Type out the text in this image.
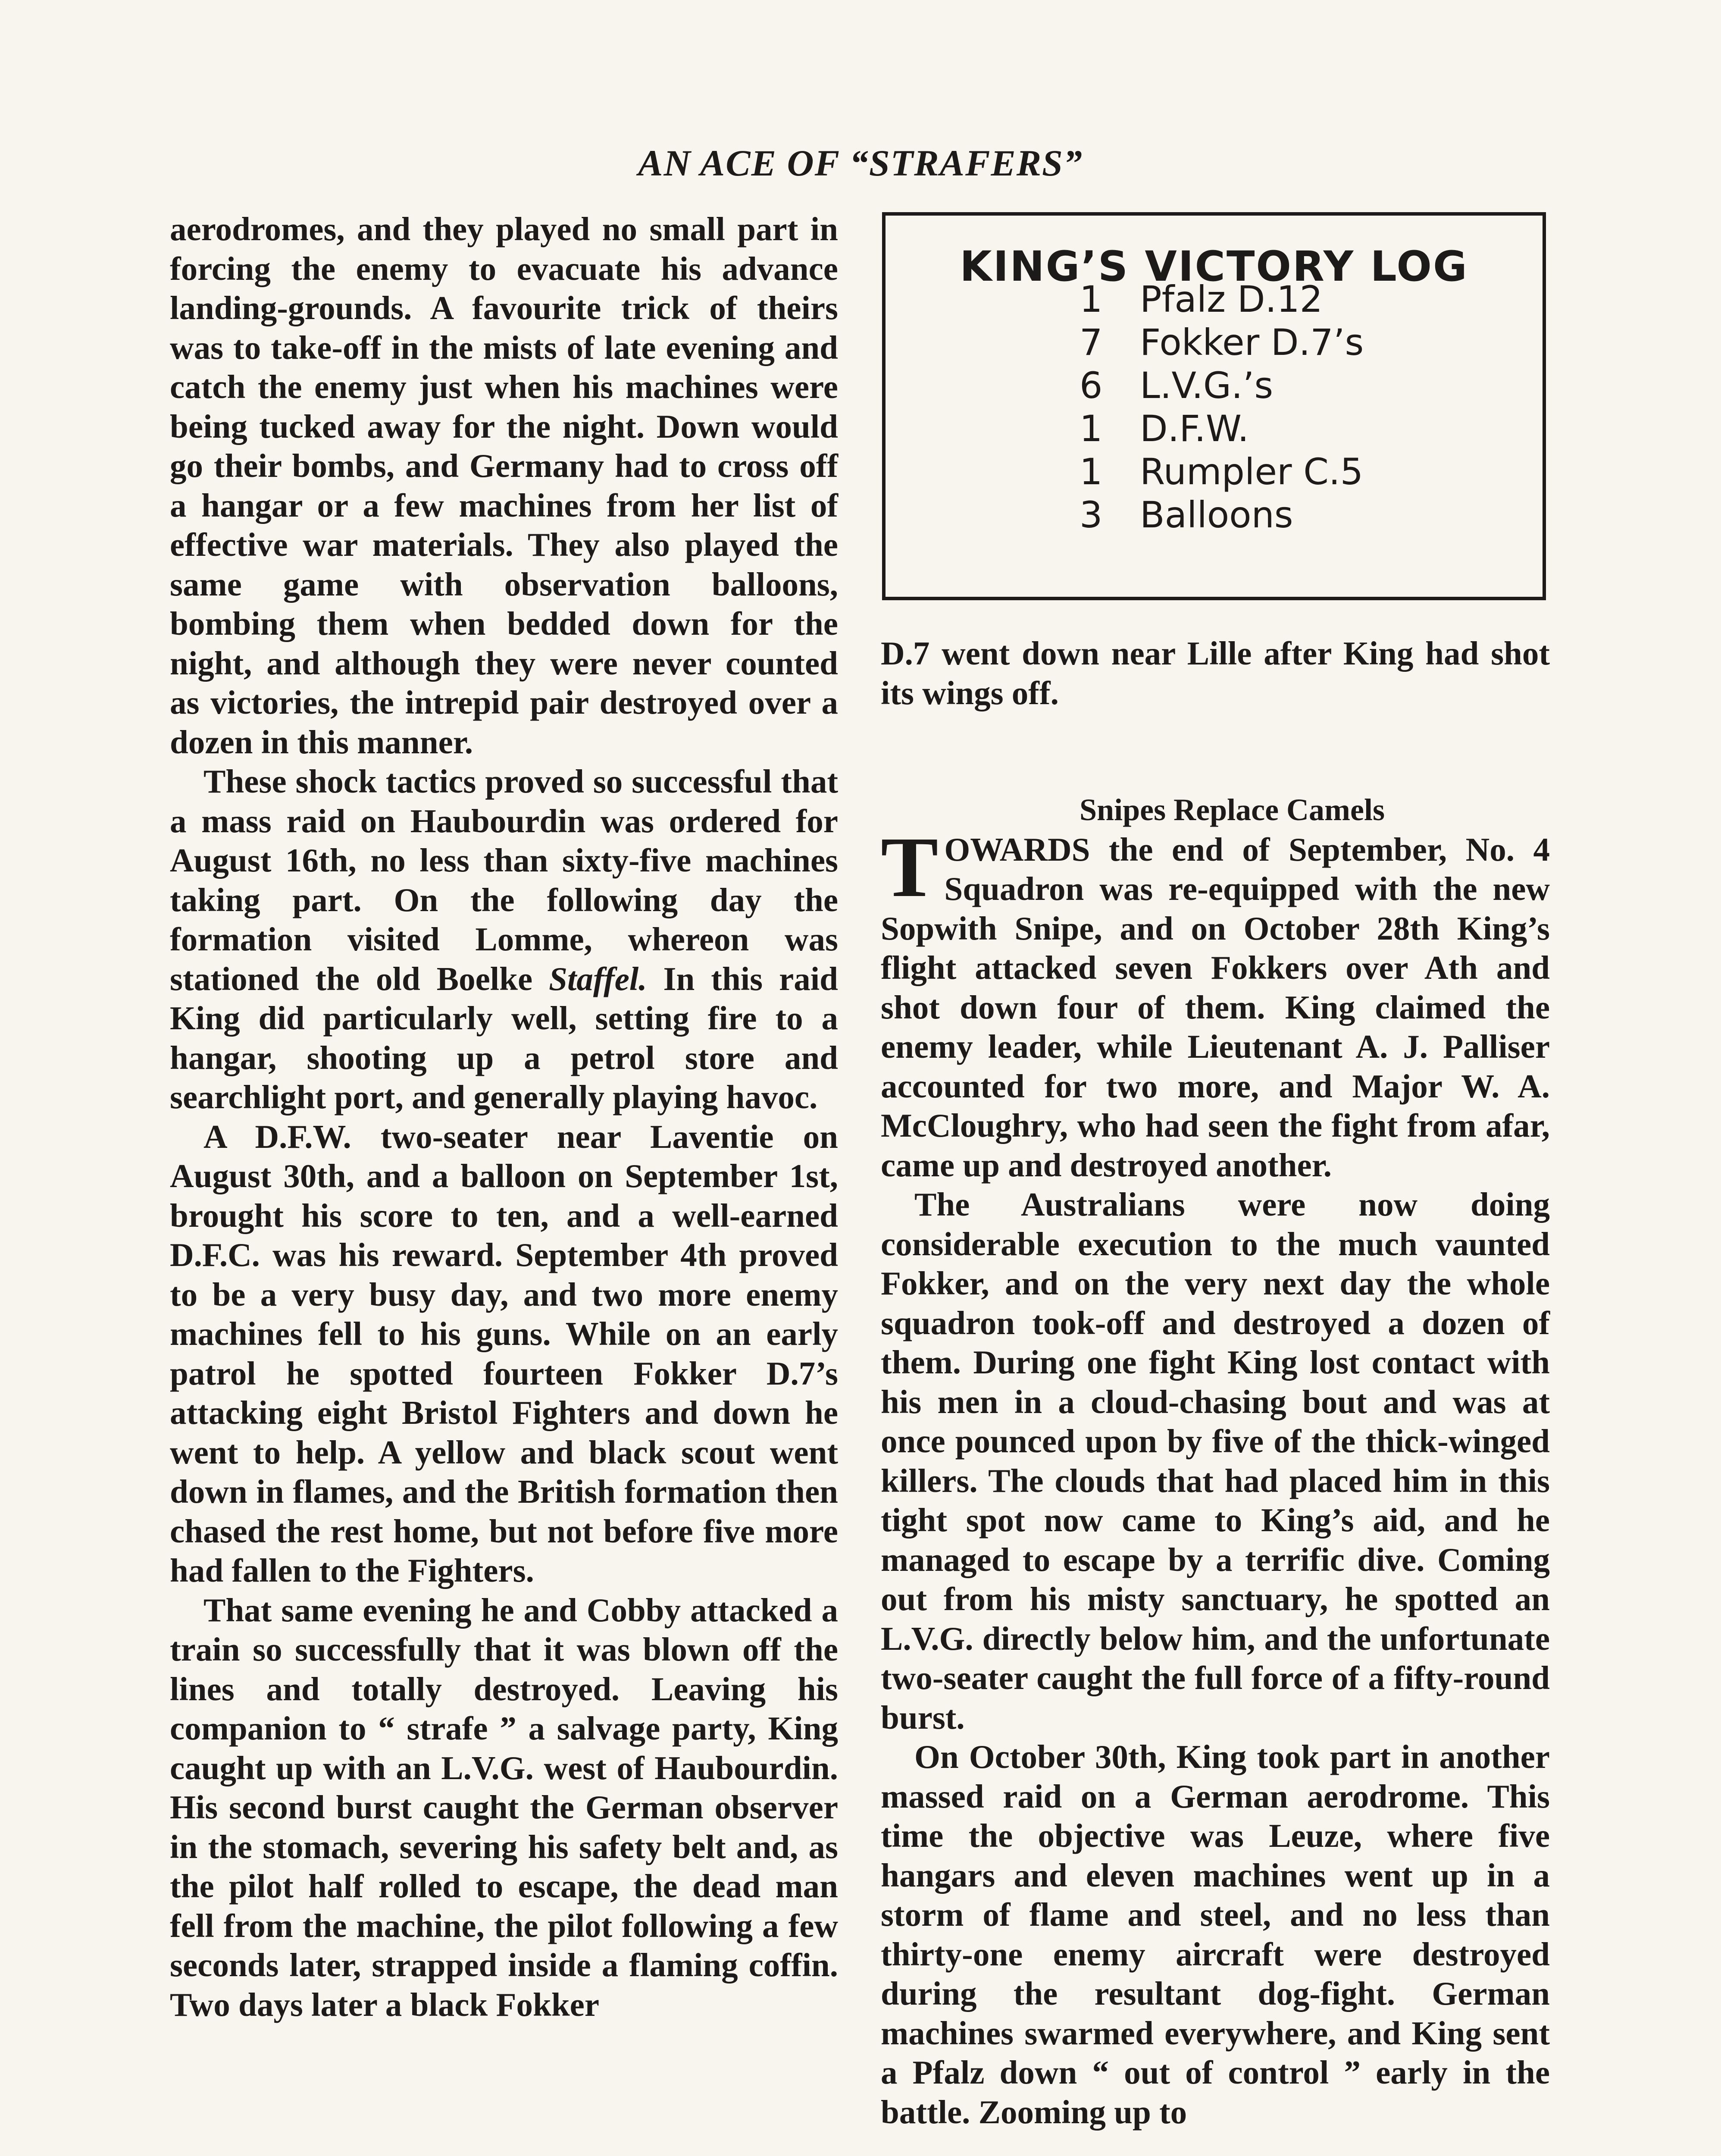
AN ACE OF “STRAFERS”

aerodromes, and they played no small part in forcing the enemy to evacuate his advance landing-grounds. A favourite trick of theirs was to take-off in the mists of late evening and catch the enemy just when his machines were being tucked away for the night. Down would go their bombs, and Germany had to cross off a hangar or a few machines from her list of effective war materials. They also played the same game with observation balloons, bombing them when bedded down for the night, and although they were never counted as victories, the intrepid pair destroyed over a dozen in this manner.

These shock tactics proved so successful that a mass raid on Haubourdin was ordered for August 16th, no less than sixty-five machines taking part. On the following day the formation visited Lomme, whereon was stationed the old Boelke Staffel. In this raid King did particularly well, setting fire to a hangar, shooting up a petrol store and searchlight port, and generally playing havoc.

A D.F.W. two-seater near Laventie on August 30th, and a balloon on September 1st, brought his score to ten, and a well-earned D.F.C. was his reward. September 4th proved to be a very busy day, and two more enemy machines fell to his guns. While on an early patrol he spotted fourteen Fokker D.7’s attacking eight Bristol Fighters and down he went to help. A yellow and black scout went down in flames, and the British formation then chased the rest home, but not before five more had fallen to the Fighters.

That same evening he and Cobby attacked a train so successfully that it was blown off the lines and totally destroyed. Leaving his companion to “ strafe ” a salvage party, King caught up with an L.V.G. west of Haubourdin. His second burst caught the German observer in the stomach, severing his safety belt and, as the pilot half rolled to escape, the dead man fell from the machine, the pilot following a few seconds later, strapped inside a flaming coffin. Two days later a black Fokker

KING’S VICTORY LOG
1	Pfalz D.12
7	Fokker D.7’s
6	L.V.G.’s
1	D.F.W.
1	Rumpler C.5
3	Balloons

D.7 went down near Lille after King had shot its wings off.

Snipes Replace Camels

TOWARDS the end of September, No. 4 Squadron was re-equipped with the new Sopwith Snipe, and on October 28th King’s flight attacked seven Fokkers over Ath and shot down four of them. King claimed the enemy leader, while Lieutenant A. J. Palliser accounted for two more, and Major W. A. McCloughry, who had seen the fight from afar, came up and destroyed another.

The Australians were now doing considerable execution to the much vaunted Fokker, and on the very next day the whole squadron took-off and destroyed a dozen of them. During one fight King lost contact with his men in a cloud-chasing bout and was at once pounced upon by five of the thick-winged killers. The clouds that had placed him in this tight spot now came to King’s aid, and he managed to escape by a terrific dive. Coming out from his misty sanctuary, he spotted an L.V.G. directly below him, and the unfortunate two-seater caught the full force of a fifty-round burst.

On October 30th, King took part in another massed raid on a German aerodrome. This time the objective was Leuze, where five hangars and eleven machines went up in a storm of flame and steel, and no less than thirty-one enemy aircraft were destroyed during the resultant dog-fight. German machines swarmed everywhere, and King sent a Pfalz down “ out of control ” early in the battle. Zooming up to
